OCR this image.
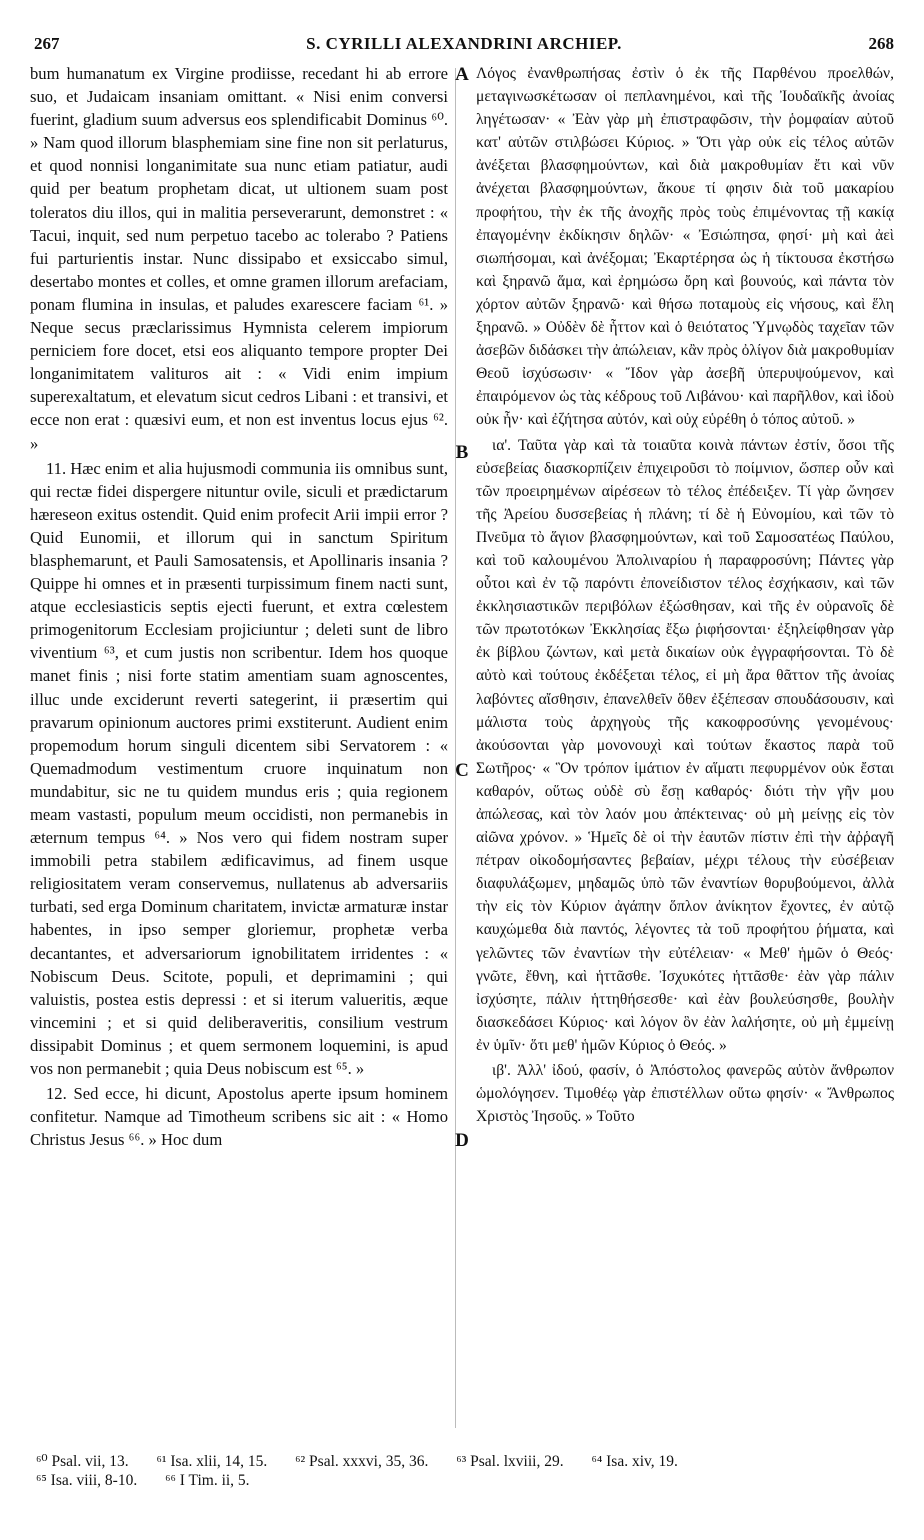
267	S. CYRILLI ALEXANDRINI ARCHIEP.	268
A
B
C
D

bum humanatum ex Virgine prodiisse, recedant hi ab errore suo, et Judaicam insaniam omittant. « Nisi enim conversi fuerint, gladium suum adversus eos splendificabit Dominus ⁶⁰. » Nam quod illorum blasphemiam sine fine non sit perlaturus, et quod nonnisi longanimitate sua nunc etiam patiatur, audi quid per beatum prophetam dicat, ut ultionem suam post toleratos diu illos, qui in malitia perseverarunt, demonstret : « Tacui, inquit, sed num perpetuo tacebo ac tolerabo ? Patiens fui parturientis instar. Nunc dissipabo et exsiccabo simul, desertabo montes et colles, et omne gramen illorum arefaciam, ponam flumina in insulas, et paludes exarescere faciam ⁶¹. » Neque secus præclarissimus Hymnista celerem impiorum perniciem fore docet, etsi eos aliquanto tempore propter Dei longanimitatem valituros ait : « Vidi enim impium superexaltatum, et elevatum sicut cedros Libani : et transivi, et ecce non erat : quæsivi eum, et non est inventus locus ejus ⁶². »

11. Hæc enim et alia hujusmodi communia iis omnibus sunt, qui rectæ fidei dispergere nituntur ovile, siculi et prædictarum hæreseon exitus ostendit. Quid enim profecit Arii impii error ? Quid Eunomii, et illorum qui in sanctum Spiritum blasphemarunt, et Pauli Samosatensis, et Apollinaris insania ? Quippe hi omnes et in præsenti turpissimum finem nacti sunt, atque ecclesiasticis septis ejecti fuerunt, et extra cœlestem primogenitorum Ecclesiam projiciuntur ; deleti sunt de libro viventium ⁶³, et cum justis non scribentur. Idem hos quoque manet finis ; nisi forte statim amentiam suam agnoscentes, illuc unde exciderunt reverti sategerint, ii præsertim qui pravarum opinionum auctores primi exstiterunt. Audient enim propemodum horum singuli dicentem sibi Servatorem : « Quemadmodum vestimentum cruore inquinatum non mundabitur, sic ne tu quidem mundus eris ; quia regionem meam vastasti, populum meum occidisti, non permanebis in æternum tempus ⁶⁴. » Nos vero qui fidem nostram super immobili petra stabilem ædificavimus, ad finem usque religiositatem veram conservemus, nullatenus ab adversariis turbati, sed erga Dominum charitatem, invictæ armaturæ instar habentes, in ipso semper gloriemur, prophetæ verba decantantes, et adversariorum ignobilitatem irridentes : « Nobiscum Deus. Scitote, populi, et deprimamini ; qui valuistis, postea estis depressi : et si iterum valueritis, æque vincemini ; et si quid deliberaveritis, consilium vestrum dissipabit Dominus ; et quem sermonem loquemini, is apud vos non permanebit ; quia Deus nobiscum est ⁶⁵. »

12. Sed ecce, hi dicunt, Apostolus aperte ipsum hominem confitetur. Namque ad Timotheum scribens sic ait : « Homo Christus Jesus ⁶⁶. » Hoc dum

Λόγος ἐνανθρωπήσας ἐστὶν ὁ ἐκ τῆς Παρθένου προελθών, μεταγινωσκέτωσαν οἱ πεπλανημένοι, καὶ τῆς Ἰουδαϊκῆς ἀνοίας ληγέτωσαν· « Ἐὰν γὰρ μὴ ἐπιστραφῶσιν, τὴν ῥομφαίαν αὐτοῦ κατ' αὐτῶν στιλβώσει Κύριος. » Ὅτι γὰρ οὐκ εἰς τέλος αὐτῶν ἀνέξεται βλασφημούντων, καὶ διὰ μακροθυμίαν ἔτι καὶ νῦν ἀνέχεται βλασφημούντων, ἄκουε τί φησιν διὰ τοῦ μακαρίου προφήτου, τὴν ἐκ τῆς ἀνοχῆς πρὸς τοὺς ἐπιμένοντας τῇ κακίᾳ ἐπαγομένην ἐκδίκησιν δηλῶν· « Ἐσιώπησα, φησί· μὴ καὶ ἀεὶ σιωπήσομαι, καὶ ἀνέξομαι; Ἐκαρτέρησα ὡς ἡ τίκτουσα ἐκστήσω καὶ ξηρανῶ ἅμα, καὶ ἐρημώσω ὄρη καὶ βουνούς, καὶ πάντα τὸν χόρτον αὐτῶν ξηρανῶ· καὶ θήσω ποταμοὺς εἰς νήσους, καὶ ἕλη ξηρανῶ. » Οὐδὲν δὲ ἧττον καὶ ὁ θειότατος Ὑμνῳδὸς ταχεῖαν τῶν ἀσεβῶν διδάσκει τὴν ἀπώλειαν, κἂν πρὸς ὀλίγον διὰ μακροθυμίαν Θεοῦ ἰσχύσωσιν· « Ἴδον γὰρ ἀσεβῆ ὑπερυψούμενον, καὶ ἐπαιρόμενον ὡς τὰς κέδρους τοῦ Λιβάνου· καὶ παρῆλθον, καὶ ἰδοὺ οὐκ ἦν· καὶ ἐζήτησα αὐτόν, καὶ οὐχ εὑρέθη ὁ τόπος αὐτοῦ. »

ια'. Ταῦτα γὰρ καὶ τὰ τοιαῦτα κοινὰ πάντων ἐστίν, ὅσοι τῆς εὐσεβείας διασκορπίζειν ἐπιχειροῦσι τὸ ποίμνιον, ὥσπερ οὖν καὶ τῶν προειρημένων αἱρέσεων τὸ τέλος ἐπέδειξεν. Τί γὰρ ὤνησεν τῆς Ἀρείου δυσσεβείας ἡ πλάνη; τί δὲ ἡ Εὐνομίου, καὶ τῶν τὸ Πνεῦμα τὸ ἅγιον βλασφημούντων, καὶ τοῦ Σαμοσατέως Παύλου, καὶ τοῦ καλουμένου Ἀπολιναρίου ἡ παραφροσύνη; Πάντες γὰρ οὗτοι καὶ ἐν τῷ παρόντι ἐπονείδιστον τέλος ἐσχήκασιν, καὶ τῶν ἐκκλησιαστικῶν περιβόλων ἐξώσθησαν, καὶ τῆς ἐν οὐρανοῖς δὲ τῶν πρωτοτόκων Ἐκκλησίας ἔξω ῥιφήσονται· ἐξηλείφθησαν γὰρ ἐκ βίβλου ζώντων, καὶ μετὰ δικαίων οὐκ ἐγγραφήσονται. Τὸ δὲ αὐτὸ καὶ τούτους ἐκδέξεται τέλος, εἰ μὴ ἄρα θᾶττον τῆς ἀνοίας λαβόντες αἴσθησιν, ἐπανελθεῖν ὅθεν ἐξέπεσαν σπουδάσουσιν, καὶ μάλιστα τοὺς ἀρχηγοὺς τῆς κακοφροσύνης γενομένους· ἀκούσονται γὰρ μονονουχὶ καὶ τούτων ἕκαστος παρὰ τοῦ Σωτῆρος· « Ὃν τρόπον ἱμάτιον ἐν αἵματι πεφυρμένον οὐκ ἔσται καθαρόν, οὕτως οὐδὲ σὺ ἔσῃ καθαρός· διότι τὴν γῆν μου ἀπώλεσας, καὶ τὸν λαόν μου ἀπέκτεινας· οὐ μὴ μείνῃς εἰς τὸν αἰῶνα χρόνον. » Ἡμεῖς δὲ οἱ τὴν ἑαυτῶν πίστιν ἐπὶ τὴν ἀῤῥαγῆ πέτραν οἰκοδομήσαντες βεβαίαν, μέχρι τέλους τὴν εὐσέβειαν διαφυλάξωμεν, μηδαμῶς ὑπὸ τῶν ἐναντίων θορυβούμενοι, ἀλλὰ τὴν εἰς τὸν Κύριον ἀγάπην ὅπλον ἀνίκητον ἔχοντες, ἐν αὐτῷ καυχώμεθα διὰ παντός, λέγοντες τὰ τοῦ προφήτου ῥήματα, καὶ γελῶντες τῶν ἐναντίων τὴν εὐτέλειαν· « Μεθ' ἡμῶν ὁ Θεός· γνῶτε, ἔθνη, καὶ ἡττᾶσθε. Ἰσχυκότες ἡττᾶσθε· ἐὰν γὰρ πάλιν ἰσχύσητε, πάλιν ἡττηθήσεσθε· καὶ ἐὰν βουλεύσησθε, βουλὴν διασκεδάσει Κύριος· καὶ λόγον ὃν ἐὰν λαλήσητε, οὐ μὴ ἐμμείνῃ ἐν ὑμῖν· ὅτι μεθ' ἡμῶν Κύριος ὁ Θεός. »

ιβ'. Ἀλλ' ἰδού, φασίν, ὁ Ἀπόστολος φανερῶς αὐτὸν ἄνθρωπον ὡμολόγησεν. Τιμοθέῳ γὰρ ἐπιστέλλων οὕτω φησίν· « Ἄνθρωπος Χριστὸς Ἰησοῦς. » Τοῦτο

⁶⁰ Psal. vii, 13. ⁶¹ Isa. xlii, 14, 15. ⁶² Psal. xxxvi, 35, 36. ⁶³ Psal. lxviii, 29. ⁶⁴ Isa. xiv, 19.
⁶⁵ Isa. viii, 8-10. ⁶⁶ I Tim. ii, 5.
